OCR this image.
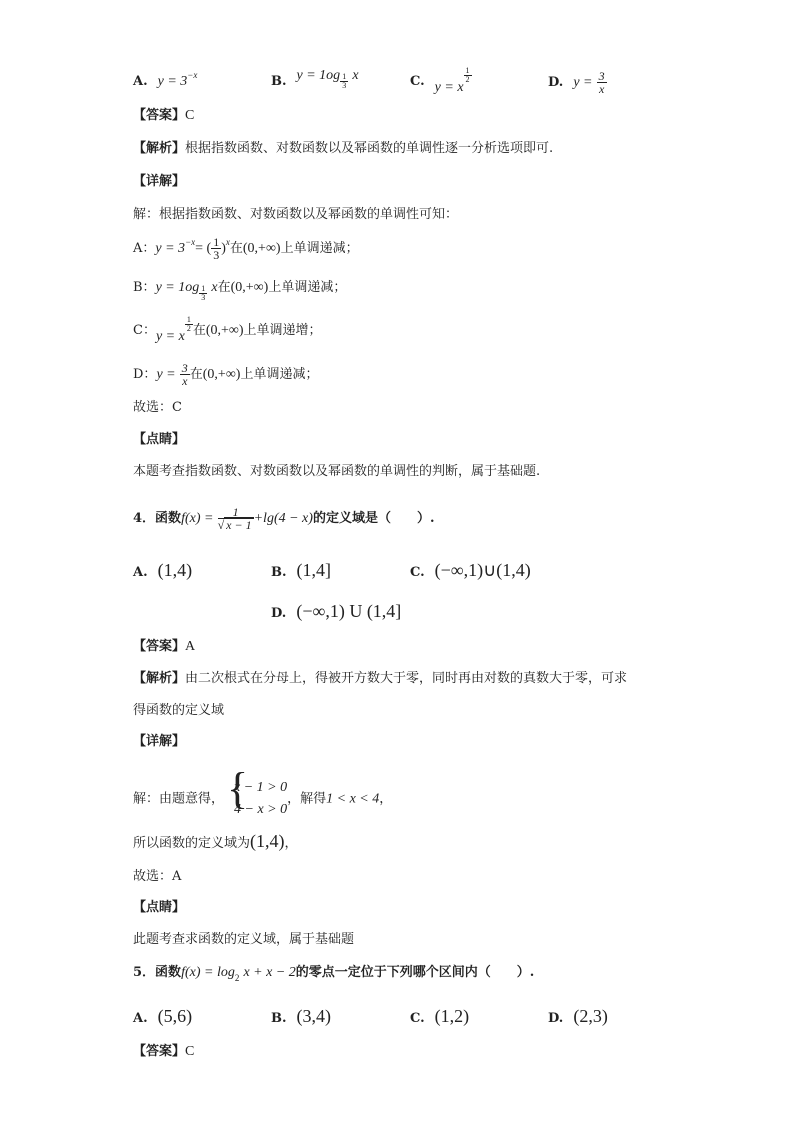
A. $y = 3^{-x}$	B. $y = 1og \frac{1}{3}$ x	C. y = x
$\frac{1}{2}$	D. $y = \frac{3}{x}$
【答案】C
【解析】根据指数函数、对数函数以及幂函数的单调性逐一分析选项即可.
【详解】
解：根据指数函数、对数函数以及幂函数的单调性可知：
A：$y = 3^{-x}=$ ( $\frac{1}{3} )^x$在(0,+∞)上单调递减；
B：$y = 1og \frac{1}{3}$ x在(0,+∞)上单调递减；
C：y = x
$\frac{1}{2}$ 在(0,+∞)上单调递增；
D：$y = \frac{3}{x}$ 在(0,+∞)上单调递减；
故选：C
【点睛】
本题考查指数函数、对数函数以及幂函数的单调性的判断，属于基础题.
4．函数$f(x) = \frac{1}{√ x - 1} +\lg(4 - x)$的定义域是（　　）.
A. (1,4)	B. (1,4]	C. (−∞,1)∪(1,4)
D. (−∞,1) U (1,4]
【答案】A
【解析】由二次根式在分母上，得被开方数大于零，同时再由对数的真数大于零，可求
得函数的定义域
【详解】
解：由题意得，
x − 1 > 0
4 − x > 0
，解得1 < x < 4，
{
所以函数的定义域为(1,4)，
故选：A
【点睛】
此题考查求函数的定义域，属于基础题
5．函数$f(x) = \log_2 x + x - 2$的零点一定位于下列哪个区间内（　　）.
A. (5,6)	B. (3,4)	C. (1,2)	D. (2,3)
【答案】C
